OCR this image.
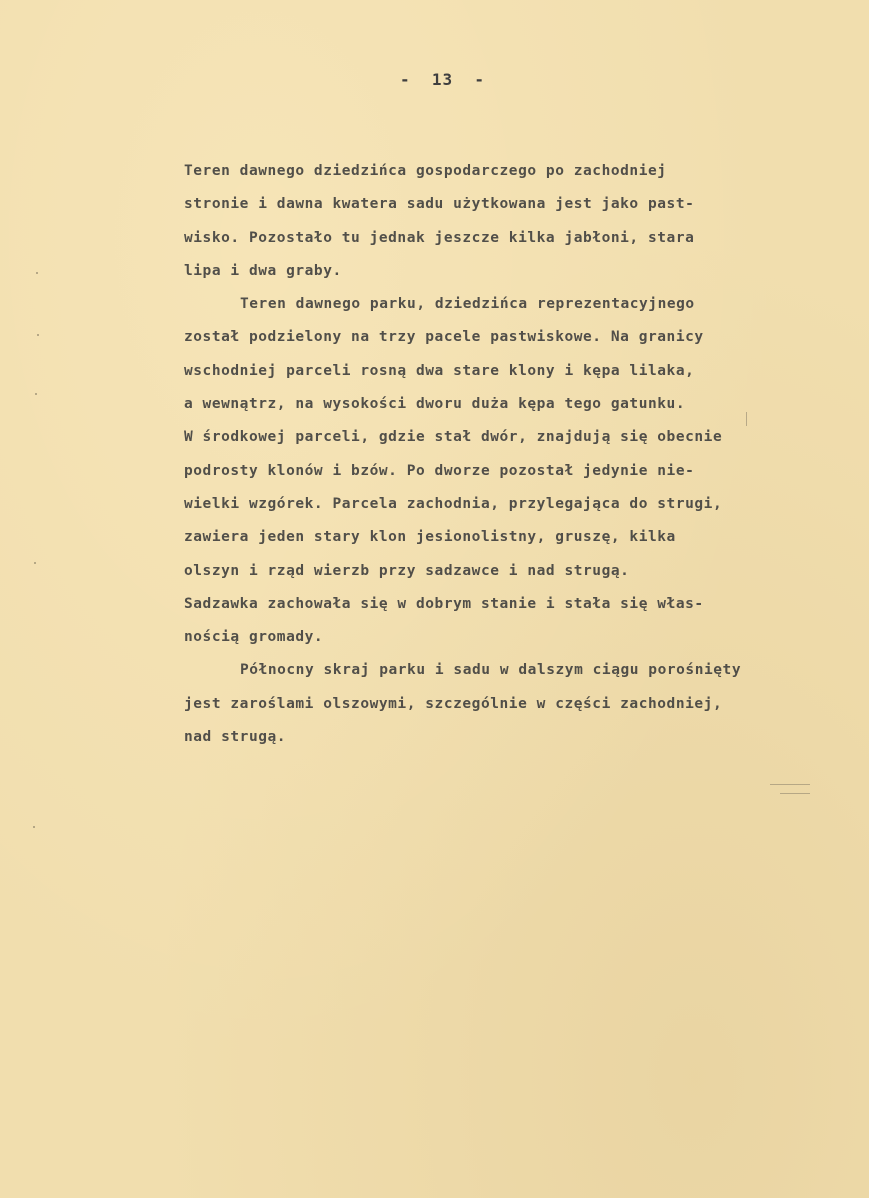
-  13  -
Teren dawnego dziedzińca gospodarczego po zachodniej
stronie i dawna kwatera sadu użytkowana jest jako past-
wisko. Pozostało tu jednak jeszcze kilka jabłoni, stara
lipa i dwa graby.
Teren dawnego parku, dziedzińca reprezentacyjnego
został podzielony na trzy pacele pastwiskowe. Na granicy
wschodniej parceli rosną dwa stare klony i kępa lilaka,
a wewnątrz, na wysokości dworu duża kępa tego gatunku.
W środkowej parceli, gdzie stał dwór, znajdują się obecnie
podrosty klonów i bzów. Po dworze pozostał jedynie nie-
wielki wzgórek. Parcela zachodnia, przylegająca do strugi,
zawiera jeden stary klon jesionolistny, gruszę, kilka
olszyn i rząd wierzb przy sadzawce i nad strugą.
Sadzawka zachowała się w dobrym stanie i stała się włas-
nością gromady.
Północny skraj parku i sadu w dalszym ciągu porośnięty
jest zaroślami olszowymi, szczególnie w części zachodniej,
nad strugą.
